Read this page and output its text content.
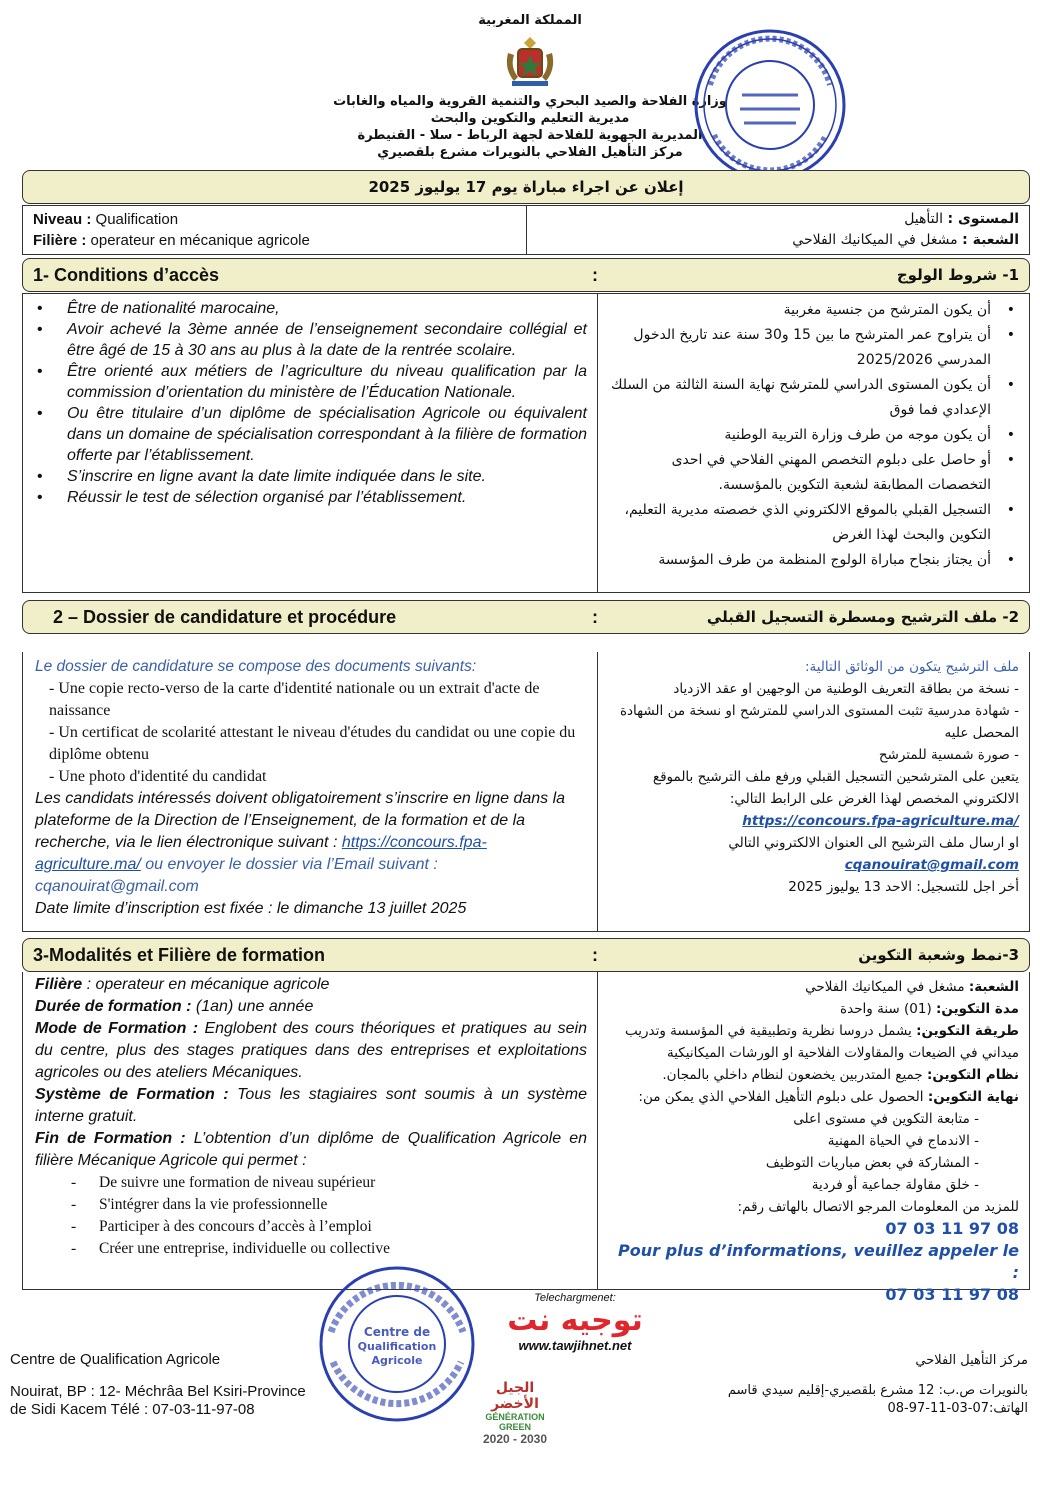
المملكة المغربية
وزارة الفلاحة والصيد البحري والتنمية القروية والمياه والغابات
مديرية التعليم والتكوين والبحث
المديرية الجهوية للفلاحة لجهة الرباط - سلا - القنيطرة
مركز التأهيل الفلاحي بالنويرات مشرع بلقصيري
إعلان عن اجراء مباراة يوم 17 يوليوز 2025
Niveau : Qualification
Filière : operateur en mécanique agricole
المستوى : التأهيل
الشعبة : مشغل في الميكانيك الفلاحي
1- Conditions d’accès	:	1- شروط الولوج
• Être de nationalité marocaine,
• Avoir achevé la 3ème année de l’enseignement secondaire collégial et être âgé de 15 à 30 ans au plus à la date de la rentrée scolaire.
• Être orienté aux métiers de l’agriculture du niveau qualification par la commission d’orientation du ministère de l’Éducation Nationale.
• Ou être titulaire d’un diplôme de spécialisation Agricole ou équivalent dans un domaine de spécialisation correspondant à la filière de formation offerte par l’établissement.
• S’inscrire en ligne avant la date limite indiquée dans le site.
• Réussir le test de sélection organisé par l’établissement.
• أن يكون المترشح من جنسية مغربية
• أن يتراوح عمر المترشح ما بين 15 و30 سنة عند تاريخ الدخول المدرسي 2025/2026
• أن يكون المستوى الدراسي للمترشح نهاية السنة الثالثة من السلك الإعدادي فما فوق
• أن يكون موجه من طرف وزارة التربية الوطنية
• أو حاصل على دبلوم التخصص المهني الفلاحي في احدى التخصصات المطابقة لشعبة التكوين بالمؤسسة.
• التسجيل القبلي بالموقع الالكتروني الذي خصصته مديرية التعليم، التكوين والبحث لهذا الغرض
• أن يجتاز بنجاح مباراة الولوج المنظمة من طرف المؤسسة
2 – Dossier de candidature et procédure	:	2- ملف الترشيح ومسطرة التسجيل القبلي
Le dossier de candidature se compose des documents suivants:
- Une copie recto-verso de la carte d'identité nationale ou un extrait d'acte de naissance
- Un certificat de scolarité attestant le niveau d'études du candidat ou une copie du diplôme obtenu
- Une photo d'identité du candidat
Les candidats intéressés doivent obligatoirement s’inscrire en ligne dans la plateforme de la Direction de l’Enseignement, de la formation et de la recherche, via le lien électronique suivant : https://concours.fpa-agriculture.ma/ ou envoyer le dossier via l’Email suivant : cqanouirat@gmail.com
Date limite d’inscription est fixée : le dimanche 13 juillet 2025
ملف الترشيح يتكون من الوثائق التالية:
- نسخة من بطاقة التعريف الوطنية من الوجهين او عقد الازدياد
- شهادة مدرسية تثبت المستوى الدراسي للمترشح او نسخة من الشهادة المحصل عليه
- صورة شمسية للمترشح
يتعين على المترشحين التسجيل القبلي ورفع ملف الترشيح بالموقع الالكتروني المخصص لهذا الغرض على الرابط التالي:
https://concours.fpa-agriculture.ma/
او ارسال ملف الترشيح الى العنوان الالكتروني التالي
cqanouirat@gmail.com
أخر اجل للتسجيل: الاحد 13 يوليوز 2025
3-Modalités et Filière de formation	:	3-نمط وشعبة التكوين
Filière : operateur en mécanique agricole
Durée de formation : (1an) une année
Mode de Formation : Englobent des cours théoriques et pratiques au sein du centre, plus des stages pratiques dans des entreprises et exploitations agricoles ou des ateliers Mécaniques.
Système de Formation : Tous les stagiaires sont soumis à un système interne gratuit.
Fin de Formation : L’obtention d’un diplôme de Qualification Agricole en filière Mécanique Agricole qui permet :
- De suivre une formation de niveau supérieur
- S'intégrer dans la vie professionnelle
- Participer à des concours d’accès à l’emploi
- Créer une entreprise, individuelle ou collective
الشعبة: مشغل في الميكانيك الفلاحي
مدة التكوين: (01) سنة واحدة
طريقة التكوين: يشمل دروسا نظرية وتطبيقية في المؤسسة وتدريب ميداني في الضيعات والمقاولات الفلاحية او الورشات الميكانيكية
نظام التكوين: جميع المتدربين يخضعون لنظام داخلي بالمجان.
نهاية التكوين: الحصول على دبلوم التأهيل الفلاحي الذي يمكن من:
- متابعة التكوين في مستوى اعلى
- الاندماج في الحياة المهنية
- المشاركة في بعض مباريات التوظيف
- خلق مقاولة جماعية أو فردية
للمزيد من المعلومات المرجو الاتصال بالهاتف رقم:
07 03 11 97 08
Pour plus d’informations, veuillez appeler le :
07 03 11 97 08
Centre de Qualification Agricole
Nouirat, BP : 12- Méchrâa Bel Ksiri-Province
de Sidi Kacem Télé : 07-03-11-97-08
مركز التأهيل الفلاحي
بالنويرات ص.ب: 12 مشرع بلقصيري-إقليم سيدي قاسم
الهاتف:07-03-11-97-08
Telechargmenet:
توجيه نت
www.tawjihnet.net
الجيل الأخضر
GÉNÉRATION GREEN
2020 - 2030
Centre de
Qualification
Agricole
